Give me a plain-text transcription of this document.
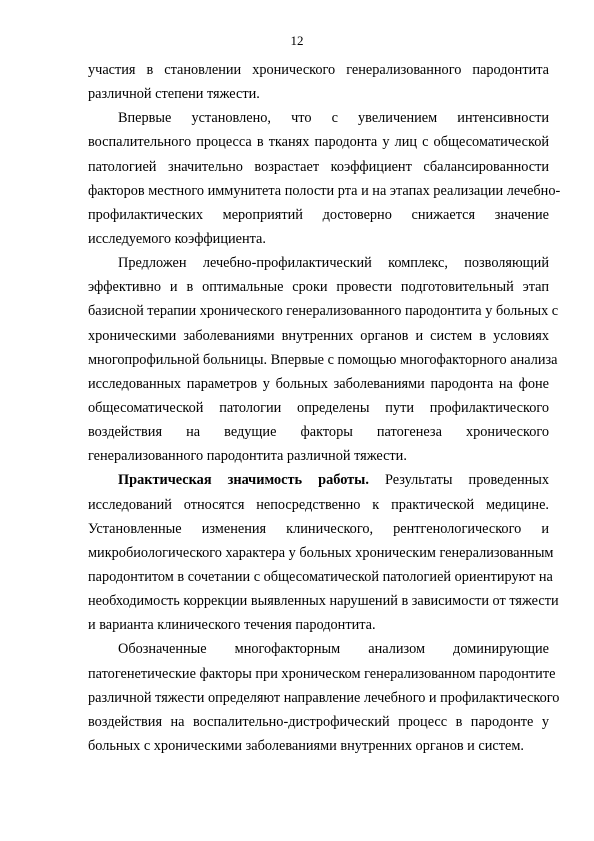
12
участия в становлении хронического генерализованного пародонтита
различной степени тяжести.
Впервые установлено, что с увеличением интенсивности
воспалительного процесса в тканях пародонта у лиц с общесоматической
патологией значительно возрастает коэффициент сбалансированности
факторов местного иммунитета полости рта и на этапах реализации лечебно-
профилактических мероприятий достоверно снижается значение
исследуемого коэффициента.
Предложен лечебно-профилактический комплекс, позволяющий
эффективно и в оптимальные сроки провести подготовительный этап
базисной терапии хронического генерализованного пародонтита у больных с
хроническими заболеваниями внутренних органов и систем в условиях
многопрофильной больницы. Впервые с помощью многофакторного анализа
исследованных параметров у больных заболеваниями пародонта на фоне
общесоматической патологии определены пути профилактического
воздействия на ведущие факторы патогенеза хронического
генерализованного пародонтита различной тяжести.
Практическая значимость работы. Результаты проведенных
исследований относятся непосредственно к практической медицине.
Установленные изменения клинического, рентгенологического и
микробиологического характера у больных хроническим генерализованным
пародонтитом в сочетании с общесоматической патологией ориентируют на
необходимость коррекции выявленных нарушений в зависимости от тяжести
и варианта клинического течения пародонтита.
Обозначенные многофакторным анализом доминирующие
патогенетические факторы при хроническом генерализованном пародонтите
различной тяжести определяют направление лечебного и профилактического
воздействия на воспалительно-дистрофический процесс в пародонте у
больных с хроническими заболеваниями внутренних органов и систем.
